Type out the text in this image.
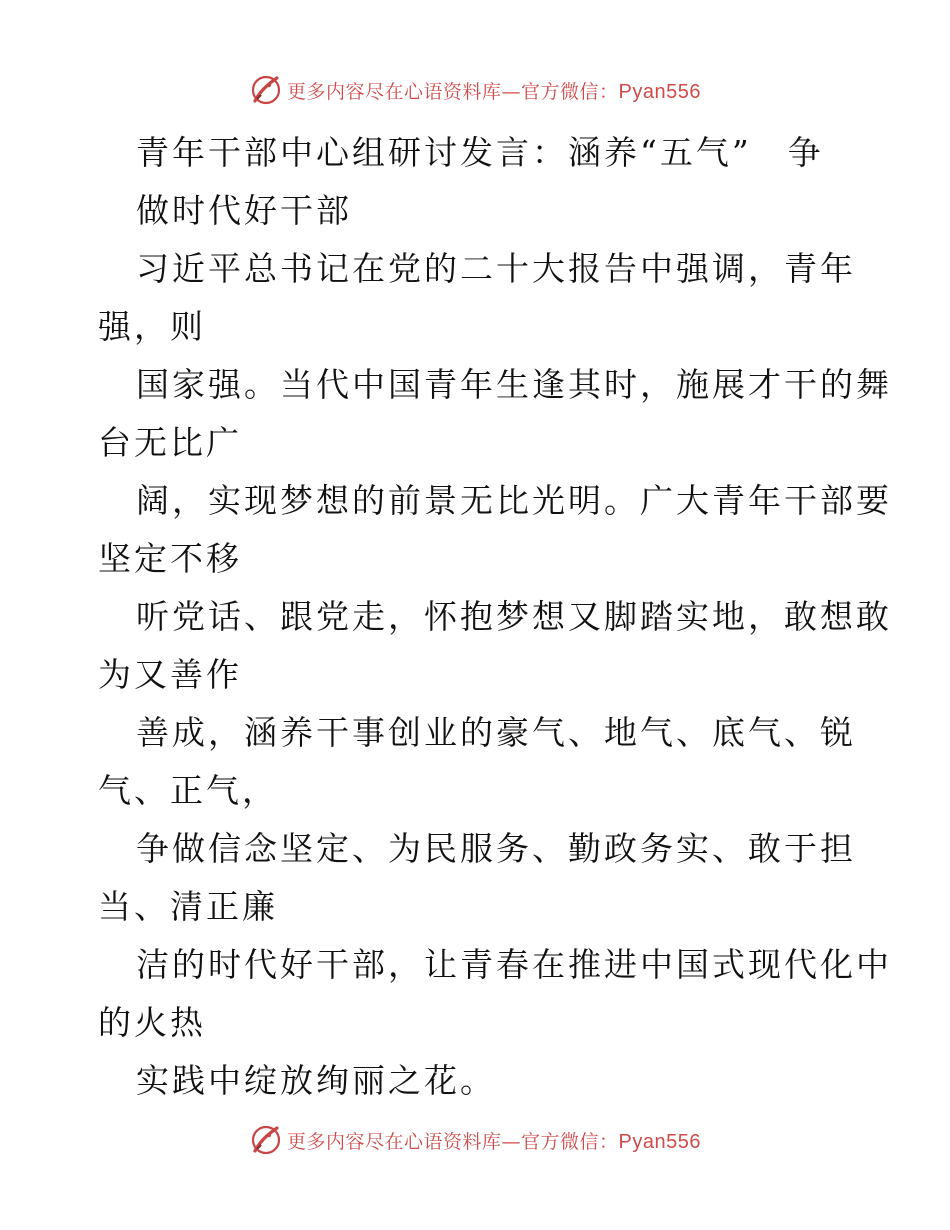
更多内容尽在心语资料库—官方微信：Pyan556
青年干部中心组研讨发言：涵养“五气”　争
做时代好干部
习近平总书记在党的二十大报告中强调，青年
强，则
国家强。当代中国青年生逢其时，施展才干的舞
台无比广
阔，实现梦想的前景无比光明。广大青年干部要
坚定不移
听党话、跟党走，怀抱梦想又脚踏实地，敢想敢
为又善作
善成，涵养干事创业的豪气、地气、底气、锐
气、正气，
争做信念坚定、为民服务、勤政务实、敢于担
当、清正廉
洁的时代好干部，让青春在推进中国式现代化中
的火热
实践中绽放绚丽之花。
更多内容尽在心语资料库—官方微信：Pyan556
